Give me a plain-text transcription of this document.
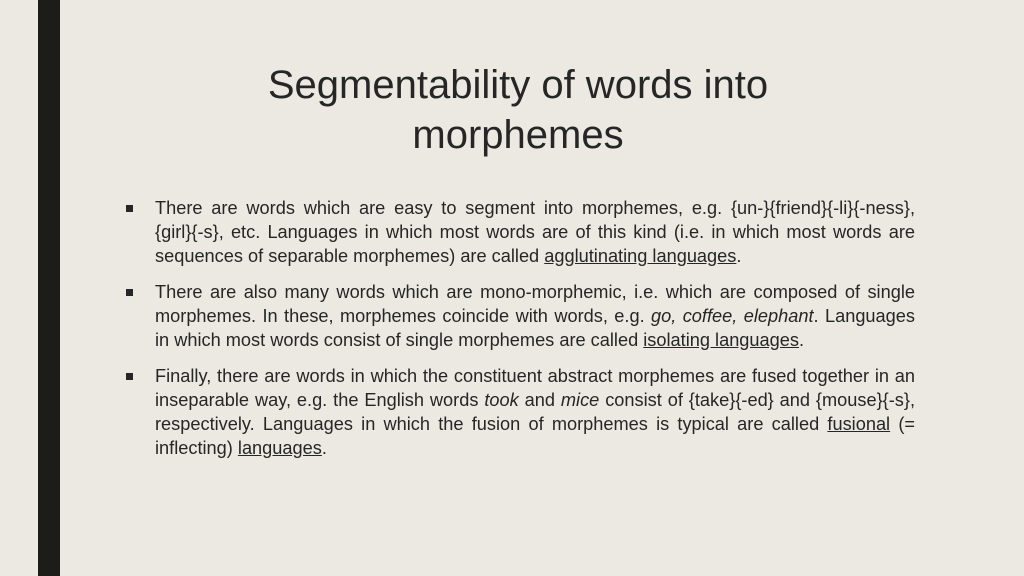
Segmentability of words into
morphemes
There are words which are easy to segment into morphemes, e.g. {un-}{friend}{-li}{-ness}, {girl}{-s}, etc. Languages in which most words are of this kind (i.e. in which most words are sequences of separable morphemes) are called agglutinating languages.
There are also many words which are mono-morphemic, i.e. which are composed of single morphemes. In these, morphemes coincide with words, e.g. go, coffee, elephant. Languages in which most words consist of single morphemes are called isolating languages.
Finally, there are words in which the constituent abstract morphemes are fused together in an inseparable way, e.g. the English words took and mice consist of {take}{-ed} and {mouse}{-s}, respectively. Languages in which the fusion of morphemes is typical are called fusional (= inflecting) languages.
